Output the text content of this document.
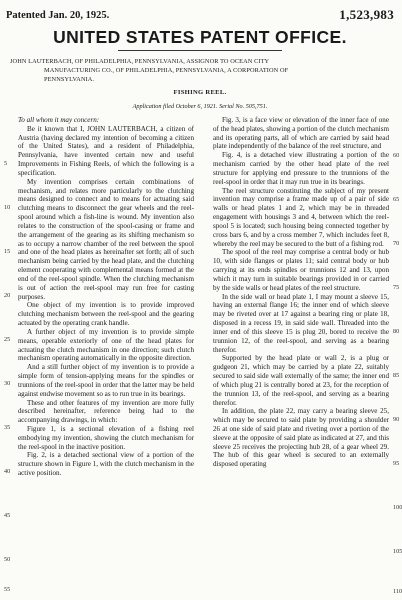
Patented Jan. 20, 1925.	1,523,983
UNITED STATES PATENT OFFICE.
JOHN LAUTERBACH, OF PHILADELPHIA, PENNSYLVANIA, ASSIGNOR TO OCEAN CITY
MANUFACTURING CO., OF PHILADELPHIA, PENNSYLVANIA, A CORPORATION OF
PENNSYLVANIA.
FISHING REEL.
Application filed October 6, 1921. Serial No. 505,751.

To all whom it may concern:

Be it known that I, JOHN LAUTERBACH, a citizen of Austria (having declared my intention of becoming a citizen of the United States), and a resident of Philadelphia, Pennsylvania, have invented certain new and useful Improvements in Fishing Reels, of which the following is a specification.

My invention comprises certain combinations of mechanism, and relates more particularly to the clutching means designed to connect and to means for actuating said clutching means to disconnect the gear wheels and the reel-spool around which a fish-line is wound. My invention also relates to the construction of the spool-casing or frame and the arrangement of the gearing as its shifting mechanism so as to occupy a narrow chamber of the reel between the spool and one of the head plates as hereinafter set forth; all of such mechanism being carried by the head plate, and the clutching element cooperating with complemental means formed at the end of the reel-spool spindle. When the clutching mechanism is out of action the reel-spool may run free for casting purposes.

One object of my invention is to provide improved clutching mechanism between the reel-spool and the gearing actuated by the operating crank handle.

A further object of my invention is to provide simple means, operable exteriorly of one of the head plates for actuating the clutch mechanism in one direction; such clutch mechanism operating automatically in the opposite direction.

And a still further object of my invention is to provide a simple form of tension-applying means for the spindles or trunnions of the reel-spool in order that the latter may be held against endwise movement so as to run true in its bearings.

These and other features of my invention are more fully described hereinafter, reference being had to the accompanying drawings, in which:

Figure 1, is a sectional elevation of a fishing reel embodying my invention, showing the clutch mechanism for the reel-spool in the inactive position.

Fig. 2, is a detached sectional view of a portion of the structure shown in Figure 1, with the clutch mechanism in the active position.

Fig. 3, is a face view or elevation of the inner face of one of the head plates, showing a portion of the clutch mechanism and its operating parts, all of which are carried by said head plate independently of the balance of the reel structure, and

Fig. 4, is a detached view illustrating a portion of the mechanism carried by the other head plate of the reel structure for applying end pressure to the trunnions of the reel-spool in order that it may run true in its bearings.

The reel structure constituting the subject of my present invention may comprise a frame made up of a pair of side walls or head plates 1 and 2, which may be in threaded engagement with housings 3 and 4, between which the reel-spool 5 is located; such housing being connected together by cross bars 6, and by a cross member 7, which includes feet 8, whereby the reel may be secured to the butt of a fishing rod.

The spool of the reel may comprise a central body or hub 10, with side flanges or plates 11; said central body or hub carrying at its ends spindles or trunnions 12 and 13, upon which it may turn in suitable bearings provided in or carried by the side walls or head plates of the reel structure.

In the side wall or head plate 1, I may mount a sleeve 15, having an external flange 16; the inner end of which sleeve may be riveted over at 17 against a bearing ring or plate 18, disposed in a recess 19, in said side wall. Threaded into the inner end of this sleeve 15 is plug 20, bored to receive the trunnion 12, of the reel-spool, and serving as a bearing therefor.

Supported by the head plate or wall 2, is a plug or gudgeon 21, which may be carried by a plate 22, suitably secured to said side wall externally of the same; the inner end of which plug 21 is centrally bored at 23, for the reception of the trunnion 13, of the reel-spool, and serving as a bearing therefor.

In addition, the plate 22, may carry a bearing sleeve 25, which may be secured to said plate by providing a shoulder 26 at one side of said plate and riveting over a portion of the sleeve at the opposite of said plate as indicated at 27, and this sleeve 25 receives the projecting hub 28, of a gear wheel 29. The hub of this gear wheel is secured to an externally disposed operating

5
10
15
20
25
30
35
40
45
50
55
60
65
70
75
80
85
90
95
100
105
110
